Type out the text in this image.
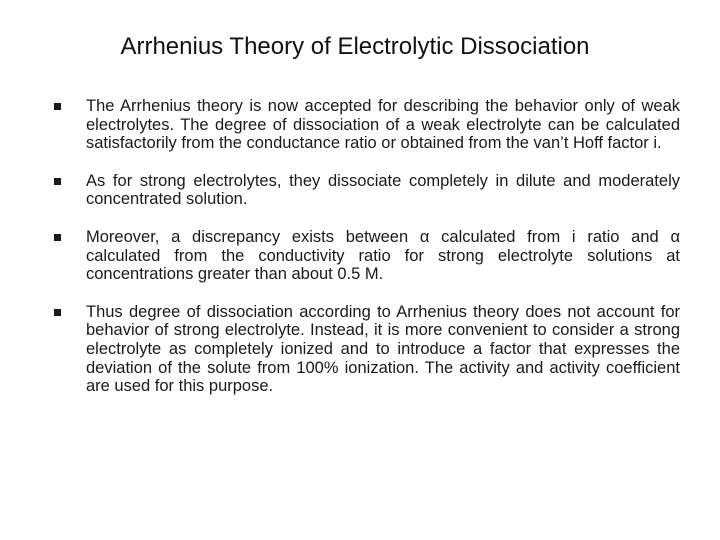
Arrhenius Theory of Electrolytic Dissociation
The Arrhenius theory is now accepted for describing the behavior only of weak electrolytes. The degree of dissociation of a weak electrolyte can be calculated satisfactorily from the conductance ratio or obtained from the van’t Hoff factor i.
As for strong electrolytes, they dissociate completely in dilute and moderately concentrated solution.
Moreover, a discrepancy exists between α calculated from i ratio and α calculated from the conductivity ratio for strong electrolyte solutions at concentrations greater than about 0.5 M.
Thus degree of dissociation according to Arrhenius theory does not account for behavior of strong electrolyte. Instead, it is more convenient to consider a strong electrolyte as completely ionized and to introduce a factor that expresses the deviation of the solute from 100% ionization. The activity and activity coefficient are used for this purpose.
